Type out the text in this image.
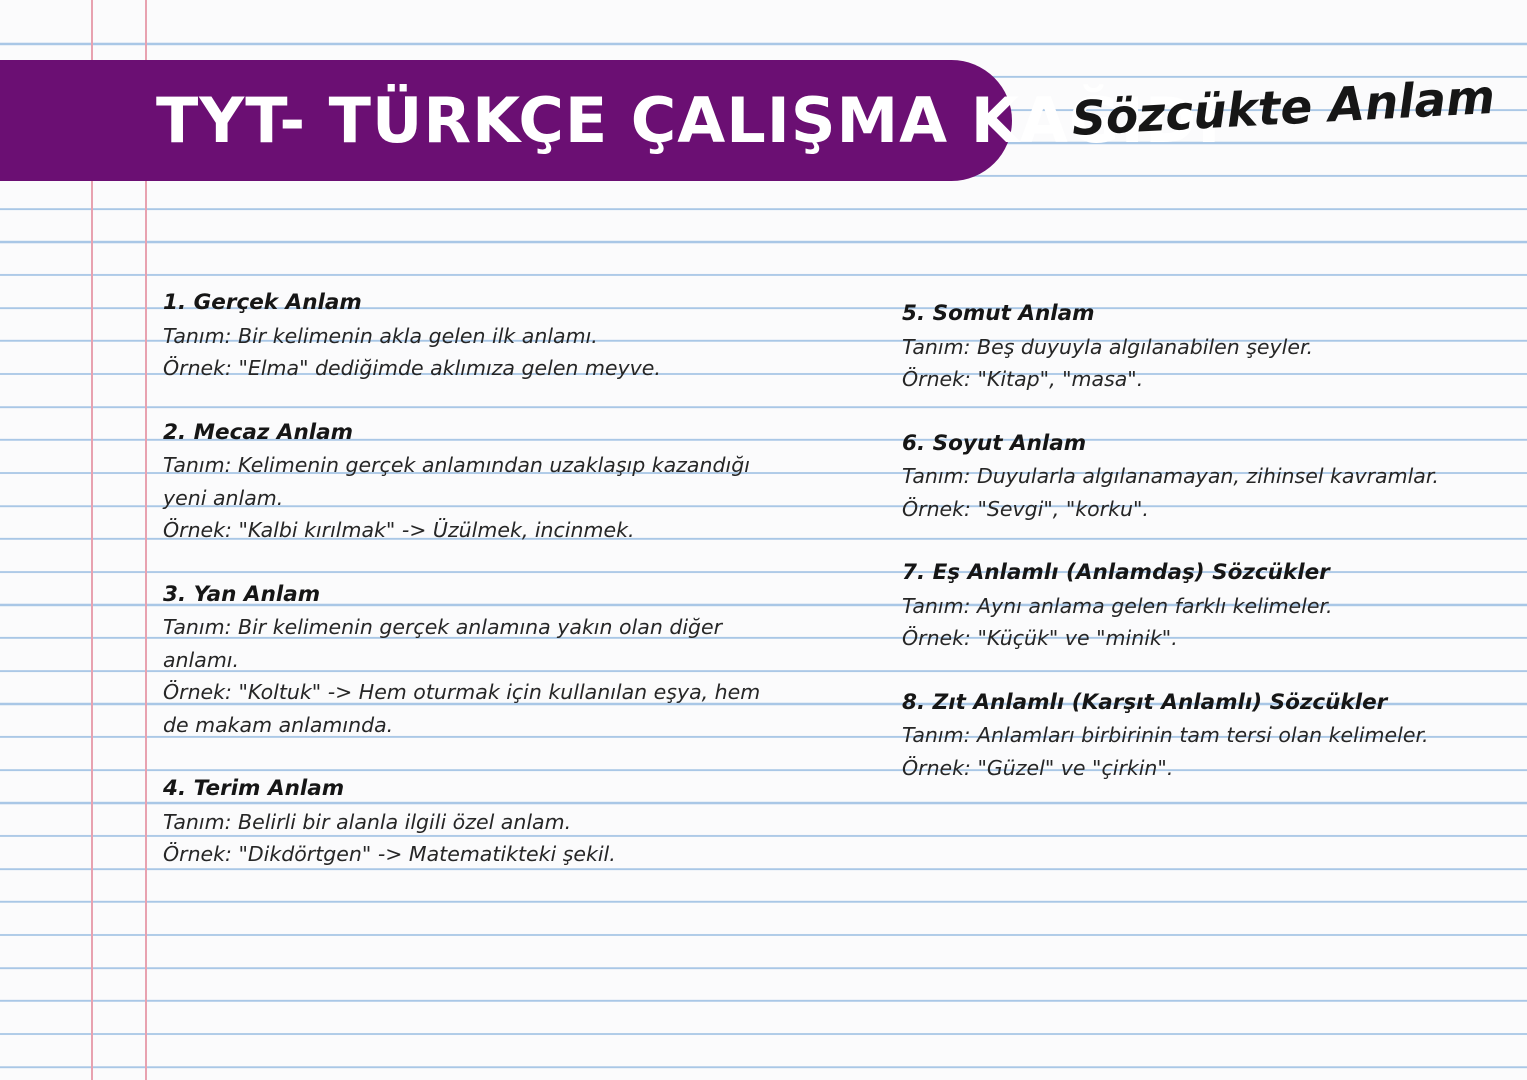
TYT- TÜRKÇE ÇALIŞMA KAĞIDI
Sözcükte Anlam
1. Gerçek Anlam
Tanım: Bir kelimenin akla gelen ilk anlamı.
Örnek: "Elma" dediğimde aklımıza gelen meyve.
2. Mecaz Anlam
Tanım: Kelimenin gerçek anlamından uzaklaşıp kazandığı
yeni anlam.
Örnek: "Kalbi kırılmak" -> Üzülmek, incinmek.
3. Yan Anlam
Tanım: Bir kelimenin gerçek anlamına yakın olan diğer
anlamı.
Örnek: "Koltuk" -> Hem oturmak için kullanılan eşya, hem
de makam anlamında.
4. Terim Anlam
Tanım: Belirli bir alanla ilgili özel anlam.
Örnek: "Dikdörtgen" -> Matematikteki şekil.
5. Somut Anlam
Tanım: Beş duyuyla algılanabilen şeyler.
Örnek: "Kitap", "masa".
6. Soyut Anlam
Tanım: Duyularla algılanamayan, zihinsel kavramlar.
Örnek: "Sevgi", "korku".
7. Eş Anlamlı (Anlamdaş) Sözcükler
Tanım: Aynı anlama gelen farklı kelimeler.
Örnek: "Küçük" ve "minik".
8. Zıt Anlamlı (Karşıt Anlamlı) Sözcükler
Tanım: Anlamları birbirinin tam tersi olan kelimeler.
Örnek: "Güzel" ve "çirkin".
